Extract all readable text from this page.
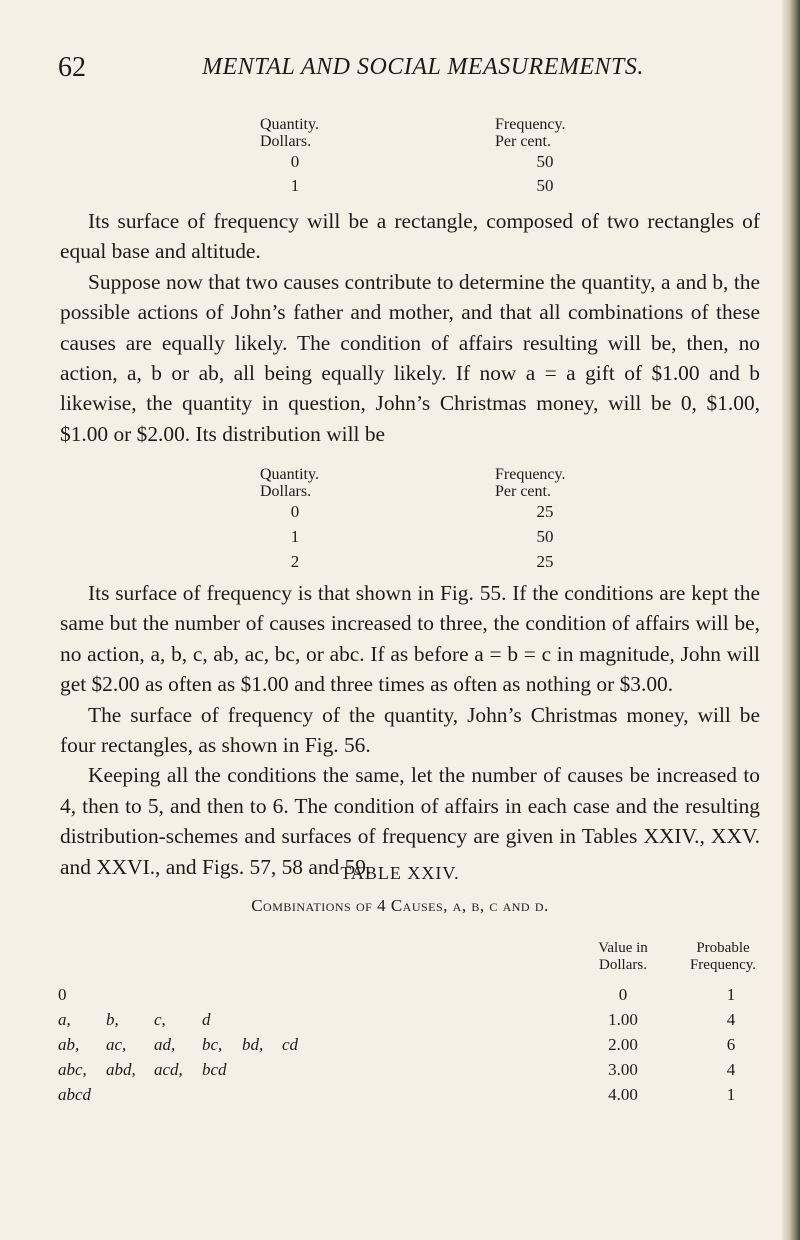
62	MENTAL AND SOCIAL MEASUREMENTS.
Quantity.
Dollars.
Frequency.
Per cent.
0	50
1	50

Its surface of frequency will be a rectangle, composed of two rectangles of equal base and altitude.

Suppose now that two causes contribute to determine the quantity, a and b, the possible actions of John’s father and mother, and that all combinations of these causes are equally likely. The condition of affairs resulting will be, then, no action, a, b or ab, all being equally likely. If now a = a gift of $1.00 and b likewise, the quantity in question, John’s Christmas money, will be 0, $1.00, $1.00 or $2.00. Its distribution will be

Quantity.
Dollars.
Frequency.
Per cent.
0	25
1	50
2	25

Its surface of frequency is that shown in Fig. 55. If the conditions are kept the same but the number of causes increased to three, the condition of affairs will be, no action, a, b, c, ab, ac, bc, or abc. If as before a = b = c in magnitude, John will get $2.00 as often as $1.00 and three times as often as nothing or $3.00.

The surface of frequency of the quantity, John’s Christmas money, will be four rectangles, as shown in Fig. 56.

Keeping all the conditions the same, let the number of causes be increased to 4, then to 5, and then to 6. The condition of affairs in each case and the resulting distribution-schemes and surfaces of frequency are given in Tables XXIV., XXV. and XXVI., and Figs. 57, 58 and 59.

TABLE XXIV.
Combinations of 4 Causes, a, b, c and d.
Value in
Dollars.
Probable
Frequency.
0	0	1
a, b, c, d	1.00	4
ab, ac, ad, bc, bd, cd	2.00	6
abc, abd, acd, bcd	3.00	4
abcd	4.00	1
